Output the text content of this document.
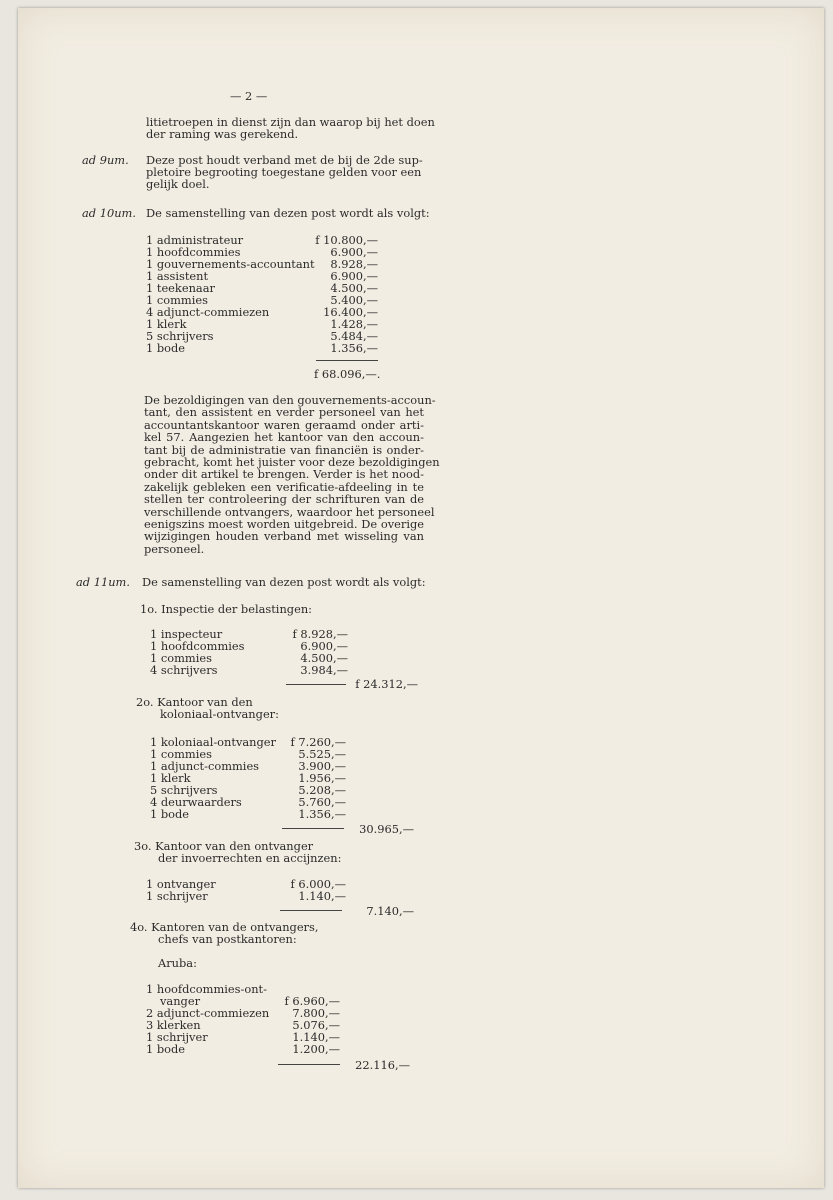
— 2 —
litietroepen in dienst zijn dan waarop bij het doen
der raming was gerekend.
ad 9um. Deze post houdt verband met de bij de 2de sup-
pletoire begrooting toegestane gelden voor een
gelijk doel.
ad 10um. De samenstelling van dezen post wordt als volgt:
1 administrateur	f 10.800,—
1 hoofdcommies	6.900,—
1 gouvernements-accountant	8.928,—
1 assistent	6.900,—
1 teekenaar	4.500,—
1 commies	5.400,—
4 adjunct-commiezen	16.400,—
1 klerk	1.428,—
5 schrijvers	5.484,—
1 bode	1.356,—
f 68.096,—.
De bezoldigingen van den gouvernements-accoun-
tant, den assistent en verder personeel van het
accountantskantoor waren geraamd onder arti-
kel 57. Aangezien het kantoor van den accoun-
tant bij de administratie van financiën is onder-
gebracht, komt het juister voor deze bezoldigingen
onder dit artikel te brengen. Verder is het nood-
zakelijk gebleken een verificatie-afdeeling in te
stellen ter controleering der schrifturen van de
verschillende ontvangers, waardoor het personeel
eenigszins moest worden uitgebreid. De overige
wijzigingen houden verband met wisseling van
personeel.
ad 11um. De samenstelling van dezen post wordt als volgt:
1o. Inspectie der belastingen:
1 inspecteur	f 8.928,—
1 hoofdcommies	6.900,—
1 commies	4.500,—
4 schrijvers	3.984,—
f 24.312,—
2o. Kantoor van den
koloniaal-ontvanger:
1 koloniaal-ontvanger	f 7.260,—
1 commies	5.525,—
1 adjunct-commies	3.900,—
1 klerk	1.956,—
5 schrijvers	5.208,—
4 deurwaarders	5.760,—
1 bode	1.356,—
30.965,—
3o. Kantoor van den ontvanger
der invoerrechten en accijnzen:
1 ontvanger	f 6.000,—
1 schrijver	1.140,—
7.140,—
4o. Kantoren van de ontvangers,
chefs van postkantoren:
Aruba:
1 hoofdcommies-ont-
vanger	f 6.960,—
2 adjunct-commiezen	7.800,—
3 klerken	5.076,—
1 schrijver	1.140,—
1 bode	1.200,—
22.116,—
